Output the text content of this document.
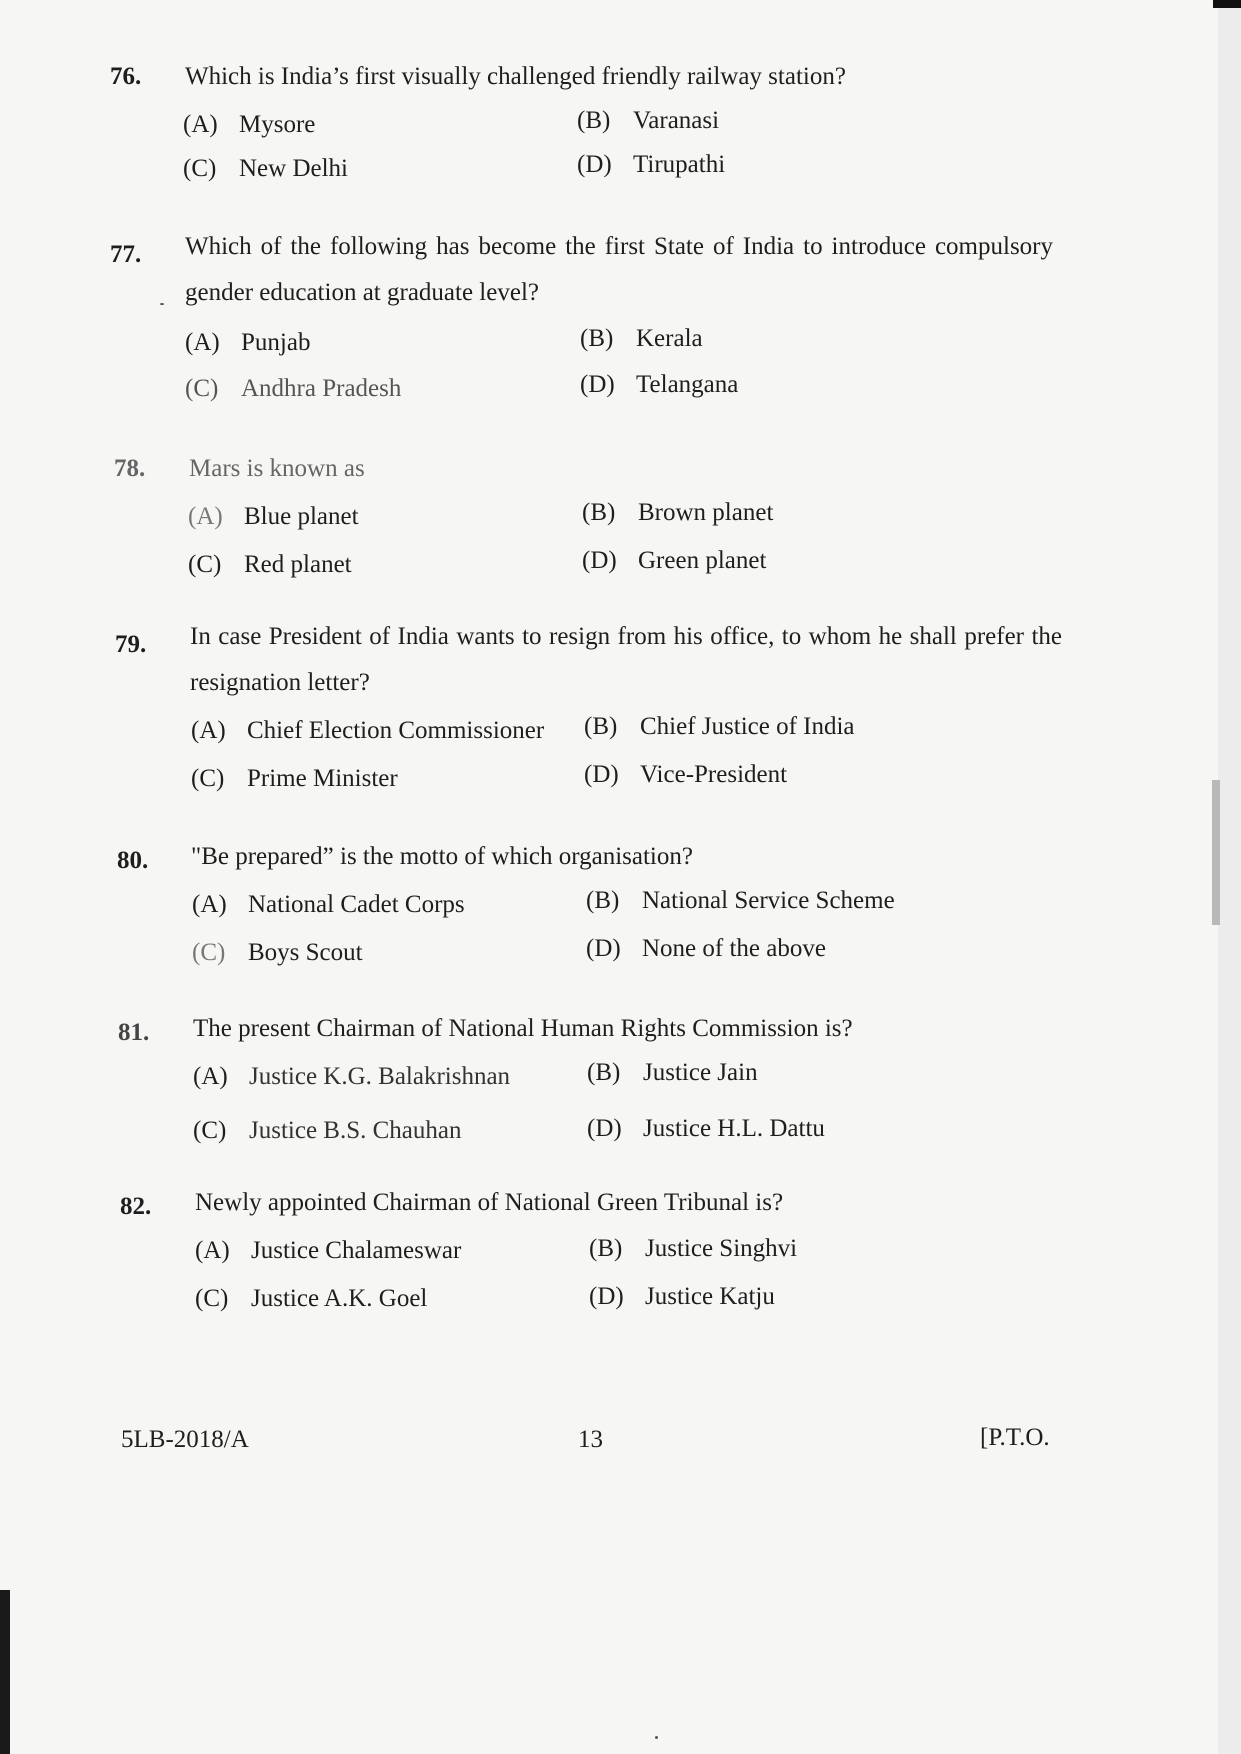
76. Which is India’s first visually challenged friendly railway station?
(A) Mysore	(B) Varanasi
(C) New Delhi	(D) Tirupathi
77. Which of the following has become the first State of India to introduce compulsory gender education at graduate level?
(A) Punjab	(B) Kerala
(C) Andhra Pradesh	(D) Telangana
78. Mars is known as
(A) Blue planet	(B) Brown planet
(C) Red planet	(D) Green planet
79. In case President of India wants to resign from his office, to whom he shall prefer the resignation letter?
(A) Chief Election Commissioner (B) Chief Justice of India
(C) Prime Minister	(D) Vice-President
80. "Be prepared” is the motto of which organisation?
(A) National Cadet Corps	(B) National Service Scheme
(C) Boys Scout	(D) None of the above
81. The present Chairman of National Human Rights Commission is?
(A) Justice K.G. Balakrishnan	(B) Justice Jain
(C) Justice B.S. Chauhan	(D) Justice H.L. Dattu
82. Newly appointed Chairman of National Green Tribunal is?
(A) Justice Chalameswar	(B) Justice Singhvi
(C) Justice A.K. Goel	(D) Justice Katju
5LB-2018/A	13	[P.T.O.
